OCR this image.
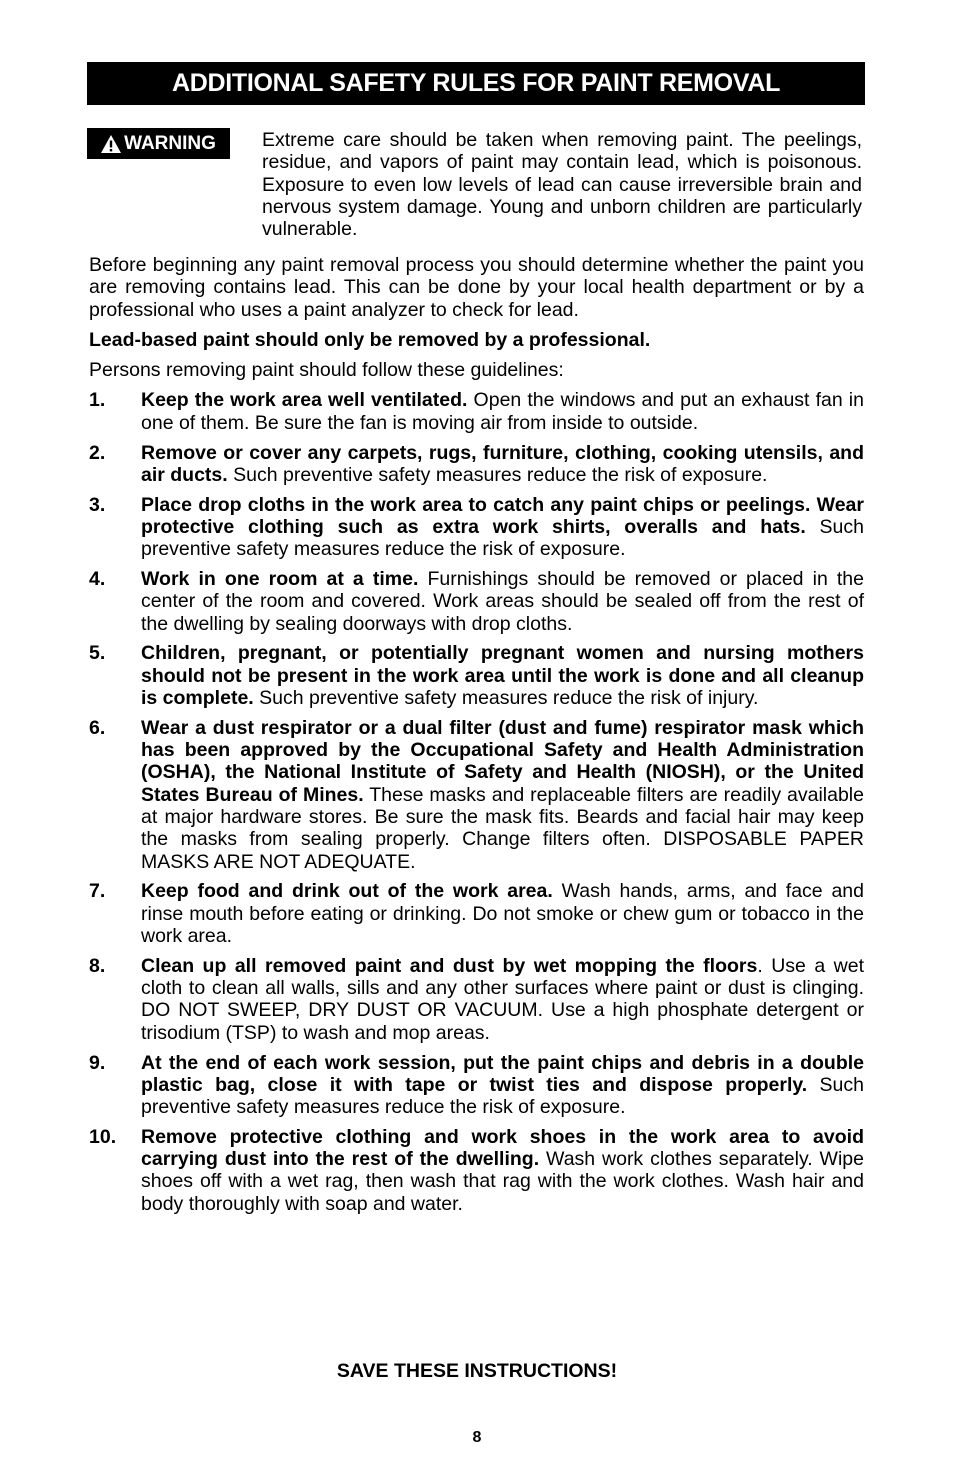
ADDITIONAL SAFETY RULES FOR PAINT REMOVAL
WARNING Extreme care should be taken when removing paint. The peelings, residue, and vapors of paint may contain lead, which is poisonous. Exposure to even low levels of lead can cause irreversible brain and nervous system damage. Young and unborn children are particularly vulnerable.

Before beginning any paint removal process you should determine whether the paint you are removing contains lead. This can be done by your local health department or by a professional who uses a paint analyzer to check for lead.

Lead-based paint should only be removed by a professional.

Persons removing paint should follow these guidelines:

1.	Keep the work area well ventilated. Open the windows and put an exhaust fan in one of them. Be sure the fan is moving air from inside to outside.
2.	Remove or cover any carpets, rugs, furniture, clothing, cooking utensils, and air ducts. Such preventive safety measures reduce the risk of exposure.
3.	Place drop cloths in the work area to catch any paint chips or peelings. Wear protective clothing such as extra work shirts, overalls and hats. Such preventive safety measures reduce the risk of exposure.
4.	Work in one room at a time. Furnishings should be removed or placed in the center of the room and covered. Work areas should be sealed off from the rest of the dwelling by sealing doorways with drop cloths.
5.	Children, pregnant, or potentially pregnant women and nursing mothers should not be present in the work area until the work is done and all cleanup is complete. Such preventive safety measures reduce the risk of injury.
6.	Wear a dust respirator or a dual filter (dust and fume) respirator mask which has been approved by the Occupational Safety and Health Administration (OSHA), the National Institute of Safety and Health (NIOSH), or the United States Bureau of Mines. These masks and replaceable filters are readily available at major hardware stores. Be sure the mask fits. Beards and facial hair may keep the masks from sealing properly. Change filters often. DISPOSABLE PAPER MASKS ARE NOT ADEQUATE.
7.	Keep food and drink out of the work area. Wash hands, arms, and face and rinse mouth before eating or drinking. Do not smoke or chew gum or tobacco in the work area.
8.	Clean up all removed paint and dust by wet mopping the floors. Use a wet cloth to clean all walls, sills and any other surfaces where paint or dust is clinging. DO NOT SWEEP, DRY DUST OR VACUUM. Use a high phosphate detergent or trisodium (TSP) to wash and mop areas.
9.	At the end of each work session, put the paint chips and debris in a double plastic bag, close it with tape or twist ties and dispose properly. Such preventive safety measures reduce the risk of exposure.
10.	Remove protective clothing and work shoes in the work area to avoid carrying dust into the rest of the dwelling. Wash work clothes separately. Wipe shoes off with a wet rag, then wash that rag with the work clothes. Wash hair and body thoroughly with soap and water.
SAVE THESE INSTRUCTIONS!
8
